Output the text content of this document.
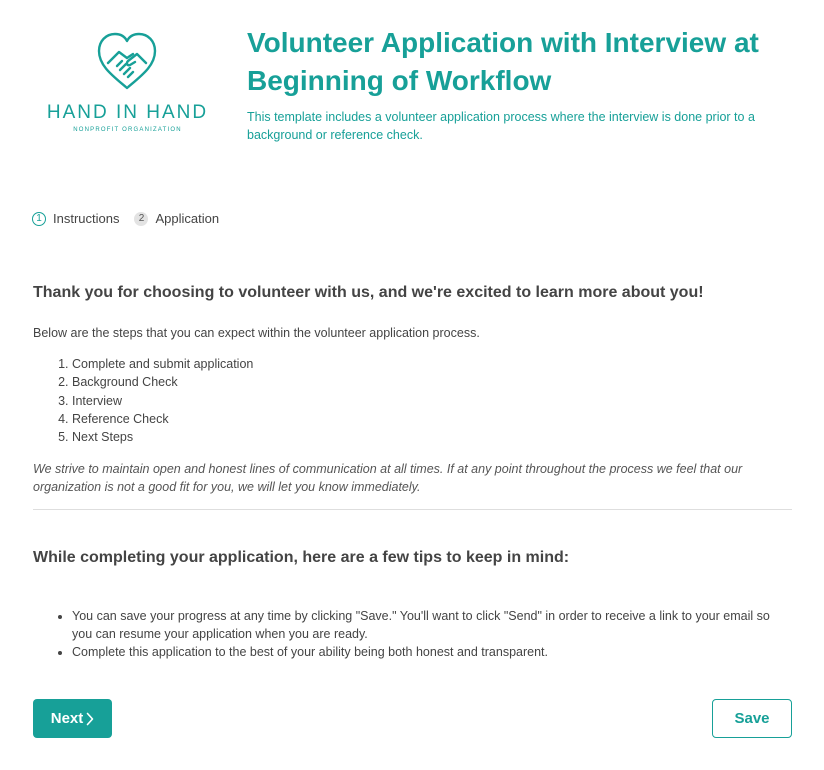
HAND IN HAND
NONPROFIT ORGANIZATION
Volunteer Application with Interview at Beginning of Workflow

This template includes a volunteer application process where the interview is done prior to a background or reference check.

1 Instructions	2 Application
Thank you for choosing to volunteer with us, and we're excited to learn more about you!

Below are the steps that you can expect within the volunteer application process.

1. Complete and submit application
2. Background Check
3. Interview
4. Reference Check
5. Next Steps

We strive to maintain open and honest lines of communication at all times. If at any point throughout the process we feel that our organization is not a good fit for you, we will let you know immediately.

While completing your application, here are a few tips to keep in mind:
• You can save your progress at any time by clicking "Save." You'll want to click "Send" in order to receive a link to your email so you can resume your application when you are ready.
• Complete this application to the best of your ability being both honest and transparent.
Next	Save
